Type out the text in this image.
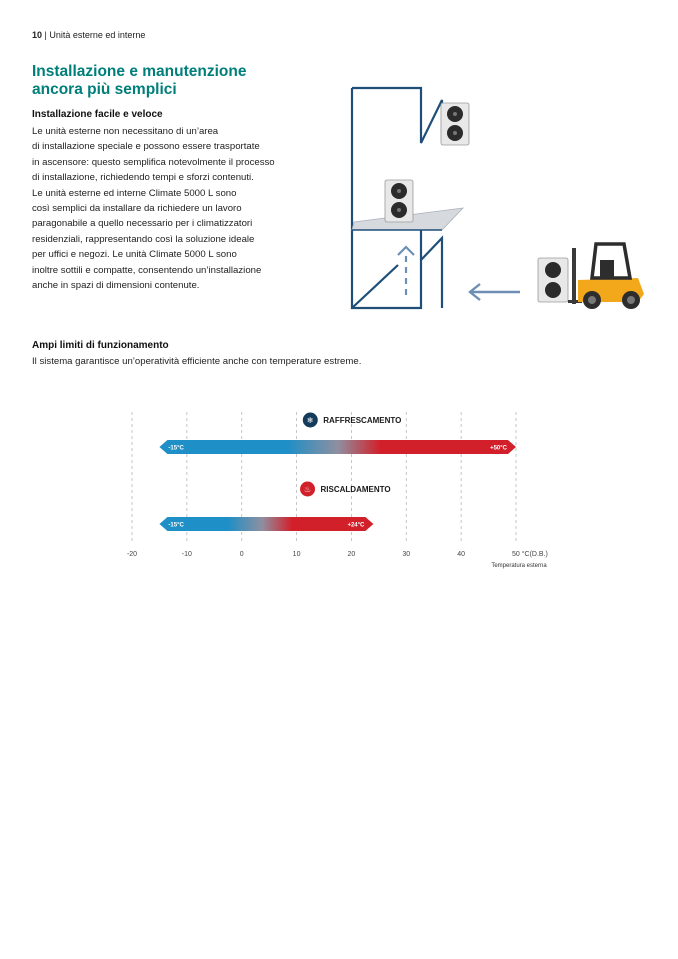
10 | Unità esterne ed interne
Installazione e manutenzione
ancora più semplici
Installazione facile e veloce
Le unità esterne non necessitano di un’area
di installazione speciale e possono essere trasportate
in ascensore: questo semplifica notevolmente il processo
di installazione, richiedendo tempi e sforzi contenuti.
Le unità esterne ed interne Climate 5000 L sono
così semplici da installare da richiedere un lavoro
paragonabile a quello necessario per i climatizzatori
residenziali, rappresentando così la soluzione ideale
per uffici e negozi. Le unità Climate 5000 L sono
inoltre sottili e compatte, consentendo un’installazione
anche in spazi di dimensioni contenute.
Ampi limiti di funzionamento
Il sistema garantisce un’operatività efficiente anche con temperature estreme.
-15°C	+50°C
❄ RAFFRESCAMENTO
-15°C	+24°C
♨ RISCALDAMENTO
-20	-10	0	10	20	30	40	50 °C(D.B.)
Temperatura esterna
